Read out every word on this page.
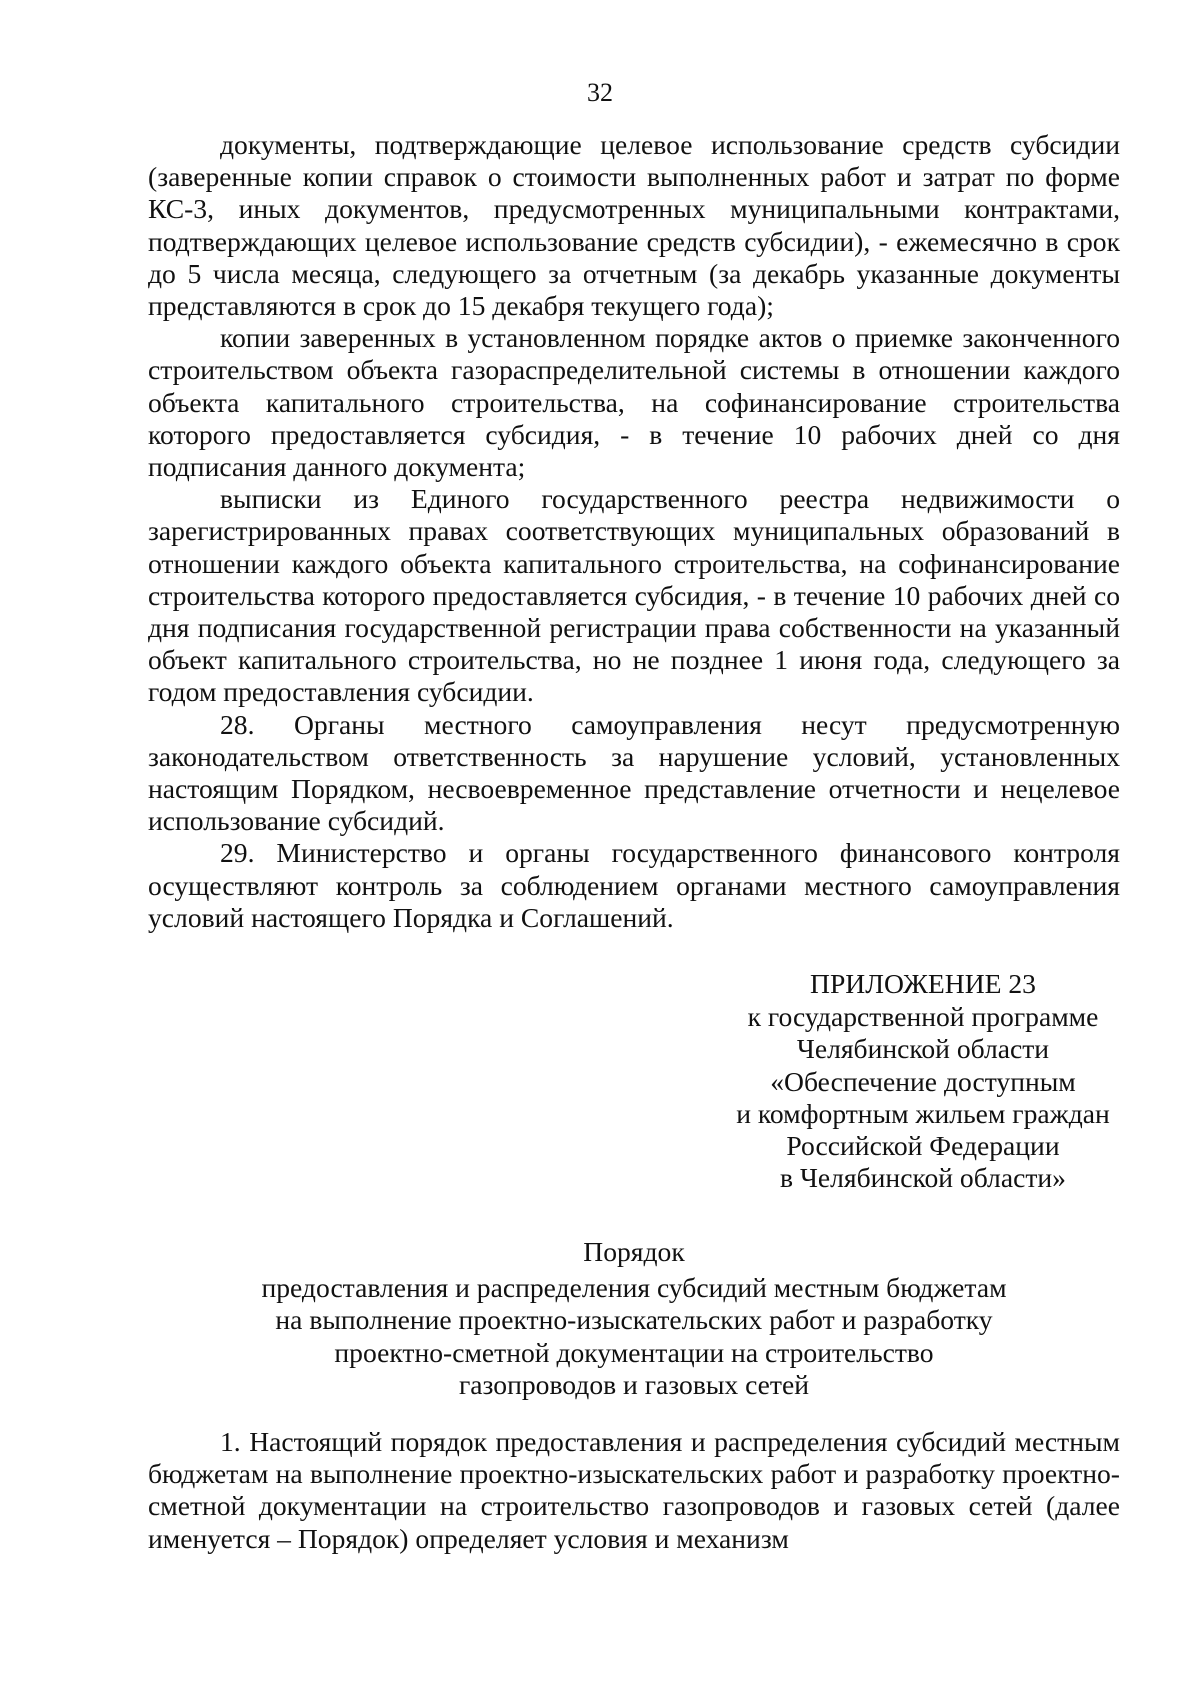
32

документы, подтверждающие целевое использование средств субсидии (заверенные копии справок о стоимости выполненных работ и затрат по форме КС-3, иных документов, предусмотренных муниципальными контрактами, подтверждающих целевое использование средств субсидии), - ежемесячно в срок до 5 числа месяца, следующего за отчетным (за декабрь указанные документы представляются в срок до 15 декабря текущего года);

копии заверенных в установленном порядке актов о приемке законченного строительством объекта газораспределительной системы в отношении каждого объекта капитального строительства, на софинансирование строительства которого предоставляется субсидия, - в течение 10 рабочих дней со дня подписания данного документа;

выписки из Единого государственного реестра недвижимости о зарегистрированных правах соответствующих муниципальных образований в отношении каждого объекта капитального строительства, на софинансирование строительства которого предоставляется субсидия, - в течение 10 рабочих дней со дня подписания государственной регистрации права собственности на указанный объект капитального строительства, но не позднее 1 июня года, следующего за годом предоставления субсидии.

28. Органы местного самоуправления несут предусмотренную законодательством ответственность за нарушение условий, установленных настоящим Порядком, несвоевременное представление отчетности и нецелевое использование субсидий.

29. Министерство и органы государственного финансового контроля осуществляют контроль за соблюдением органами местного самоуправления условий настоящего Порядка и Соглашений.

ПРИЛОЖЕНИЕ 23
к государственной программе
Челябинской области
«Обеспечение доступным
и комфортным жильем граждан
Российской Федерации
в Челябинской области»
Порядок
предоставления и распределения субсидий местным бюджетам
на выполнение проектно-изыскательских работ и разработку
проектно-сметной документации на строительство
газопроводов и газовых сетей

1. Настоящий порядок предоставления и распределения субсидий местным бюджетам на выполнение проектно-изыскательских работ и разработку проектно-сметной документации на строительство газопроводов и газовых сетей (далее именуется – Порядок) определяет условия и механизм
